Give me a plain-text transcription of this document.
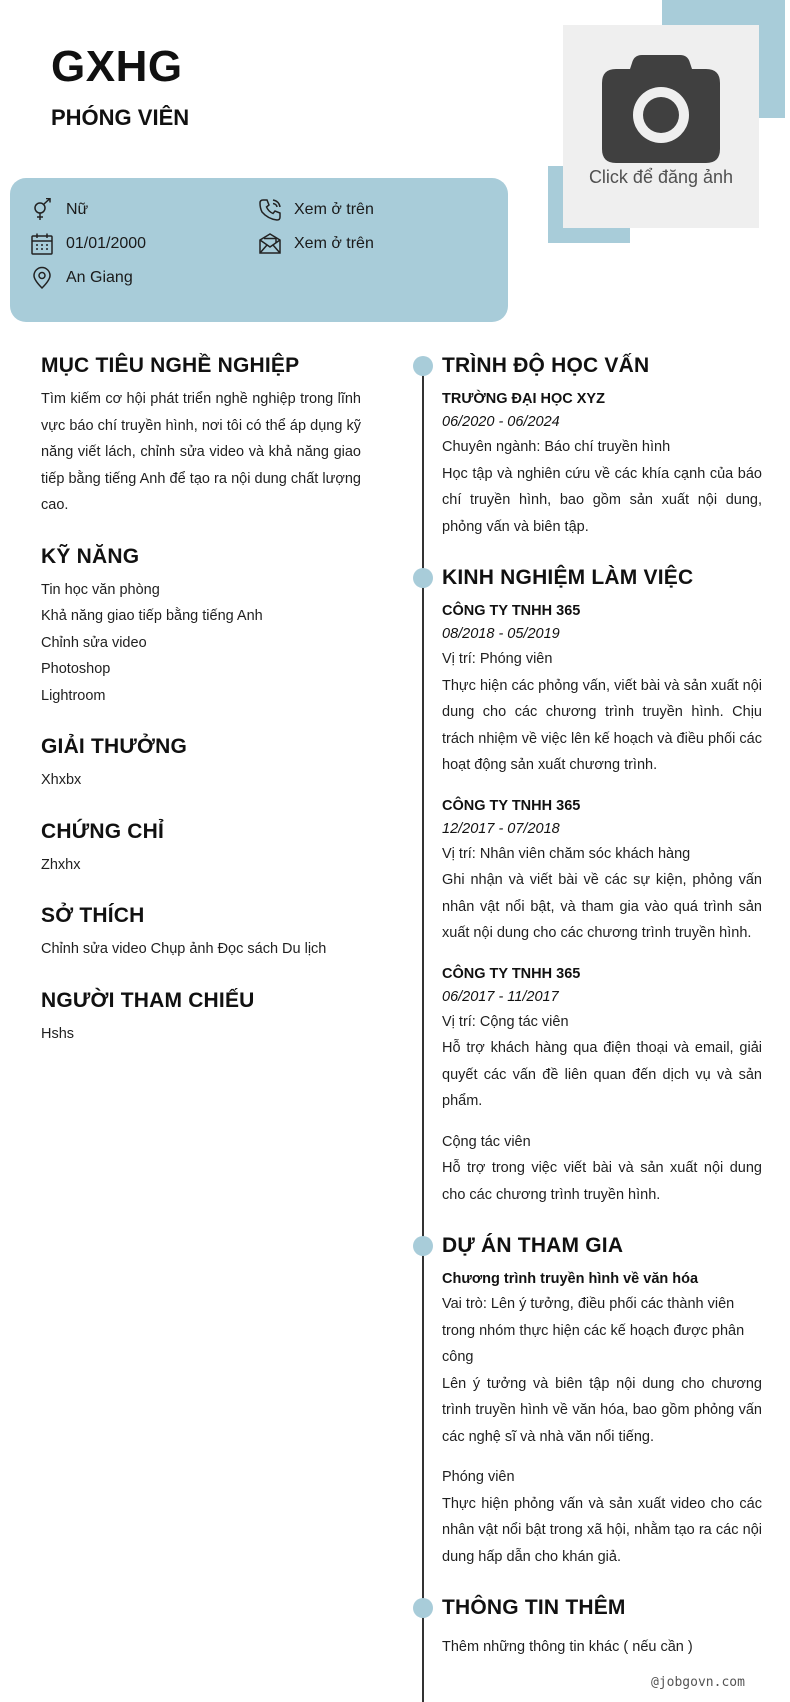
GXHG
PHÓNG VIÊN
Click để đăng ảnh
Nữ	Xem ở trên
01/01/2000	Xem ở trên
An Giang
MỤC TIÊU NGHỀ NGHIỆP

Tìm kiếm cơ hội phát triển nghề nghiệp trong lĩnh vực báo chí truyền hình, nơi tôi có thể áp dụng kỹ năng viết lách, chỉnh sửa video và khả năng giao tiếp bằng tiếng Anh để tạo ra nội dung chất lượng cao.

KỸ NĂNG
Tin học văn phòng
Khả năng giao tiếp bằng tiếng Anh
Chỉnh sửa video
Photoshop
Lightroom
GIẢI THƯỞNG

Xhxbx

CHỨNG CHỈ

Zhxhx

SỞ THÍCH

Chỉnh sửa video Chụp ảnh Đọc sách Du lịch

NGƯỜI THAM CHIẾU

Hshs

TRÌNH ĐỘ HỌC VẤN
TRƯỜNG ĐẠI HỌC XYZ
06/2020 - 06/2024

Chuyên ngành: Báo chí truyền hình

Học tập và nghiên cứu về các khía cạnh của báo chí truyền hình, bao gồm sản xuất nội dung, phỏng vấn và biên tập.

KINH NGHIỆM LÀM VIỆC
CÔNG TY TNHH 365
08/2018 - 05/2019

Vị trí: Phóng viên

Thực hiện các phỏng vấn, viết bài và sản xuất nội dung cho các chương trình truyền hình. Chịu trách nhiệm về việc lên kế hoạch và điều phối các hoạt động sản xuất chương trình.

CÔNG TY TNHH 365
12/2017 - 07/2018

Vị trí: Nhân viên chăm sóc khách hàng

Ghi nhận và viết bài về các sự kiện, phỏng vấn nhân vật nổi bật, và tham gia vào quá trình sản xuất nội dung cho các chương trình truyền hình.

CÔNG TY TNHH 365
06/2017 - 11/2017

Vị trí: Cộng tác viên

Hỗ trợ khách hàng qua điện thoại và email, giải quyết các vấn đề liên quan đến dịch vụ và sản phẩm.

Cộng tác viên

Hỗ trợ trong việc viết bài và sản xuất nội dung cho các chương trình truyền hình.

DỰ ÁN THAM GIA
Chương trình truyền hình về văn hóa

Vai trò: Lên ý tưởng, điều phối các thành viên trong nhóm thực hiện các kế hoạch được phân công

Lên ý tưởng và biên tập nội dung cho chương trình truyền hình về văn hóa, bao gồm phỏng vấn các nghệ sĩ và nhà văn nổi tiếng.

Phóng viên

Thực hiện phỏng vấn và sản xuất video cho các nhân vật nổi bật trong xã hội, nhằm tạo ra các nội dung hấp dẫn cho khán giả.

THÔNG TIN THÊM

Thêm những thông tin khác ( nếu cần )

@jobgovn.com
